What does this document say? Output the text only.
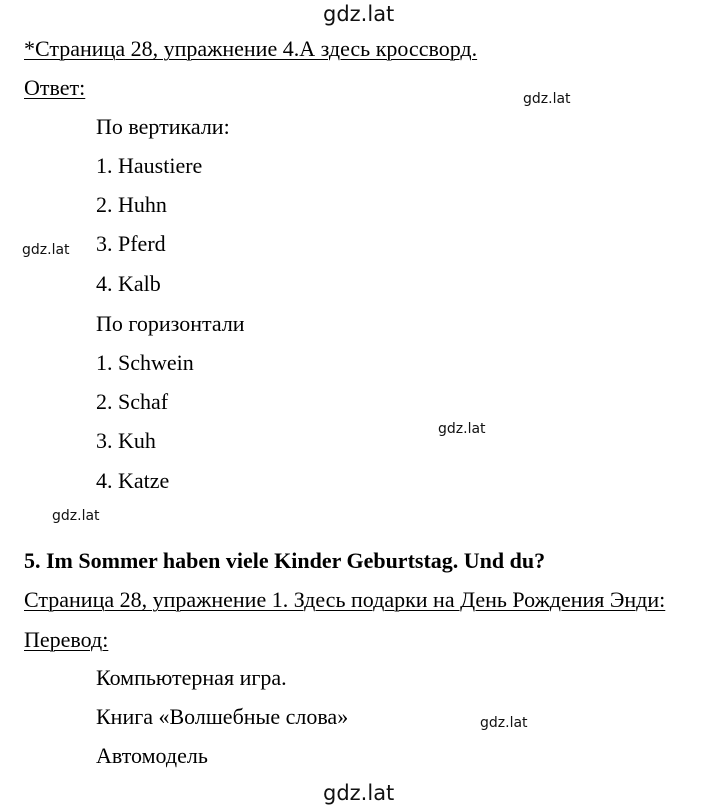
gdz.lat
gdz.lat
gdz.lat
gdz.lat
gdz.lat
gdz.lat
gdz.lat
*Страница 28, упражнение 4.А здесь кроссворд.
Ответ:
По вертикали:
1. Haustiere
2. Huhn
3. Pferd
4. Kalb
По горизонтали
1. Schwein
2. Schaf
3. Kuh
4. Katze
5. Im Sommer haben viele Kinder Geburtstag. Und du?
Страница 28, упражнение 1. Здесь подарки на День Рождения Энди:
Перевод:
Компьютерная игра.
Книга «Волшебные слова»
Автомодель
